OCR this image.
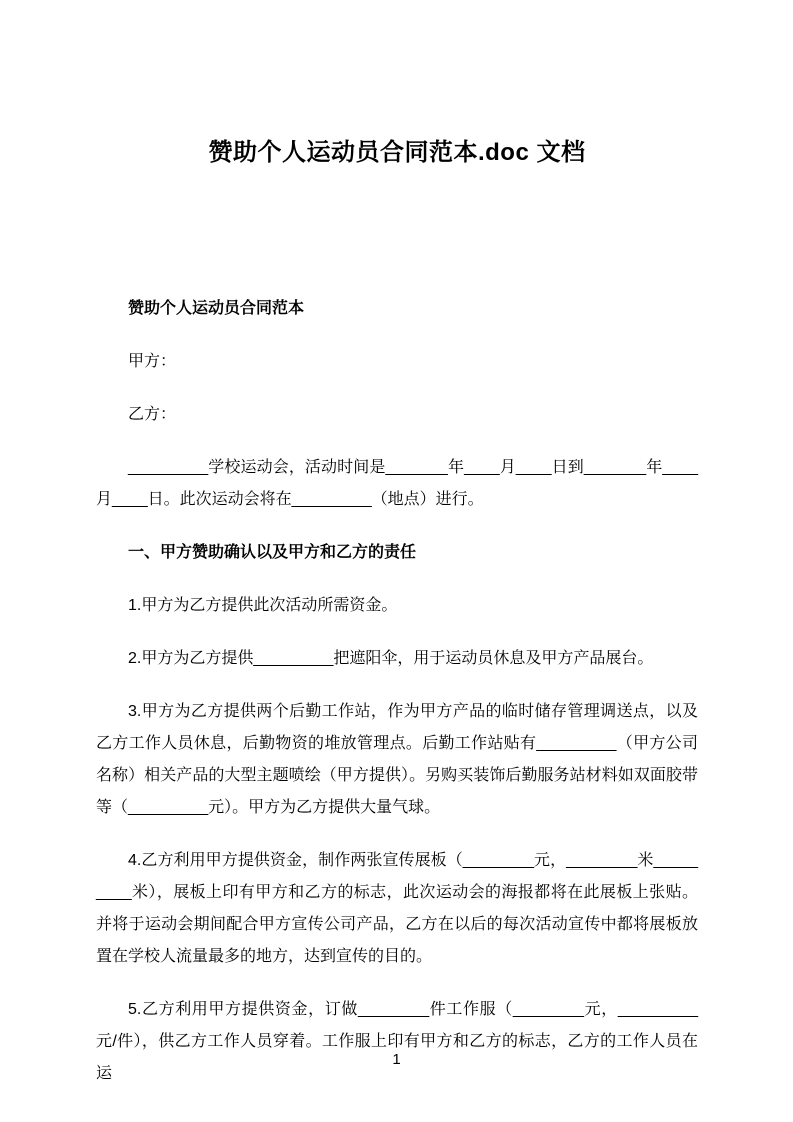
赞助个人运动员合同范本.doc 文档

赞助个人运动员合同范本

甲方：

乙方：

_________学校运动会，活动时间是_______年____月____日到_______年____月____日。此次运动会将在_________（地点）进行。

一、甲方赞助确认以及甲方和乙方的责任

1.甲方为乙方提供此次活动所需资金。

2.甲方为乙方提供_________把遮阳伞，用于运动员休息及甲方产品展台。

3.甲方为乙方提供两个后勤工作站，作为甲方产品的临时储存管理调送点，以及乙方工作人员休息，后勤物资的堆放管理点。后勤工作站贴有_________（甲方公司名称）相关产品的大型主题喷绘（甲方提供）。另购买装饰后勤服务站材料如双面胶带等（_________元）。甲方为乙方提供大量气球。

4.乙方利用甲方提供资金，制作两张宣传展板（________元，________米_________米），展板上印有甲方和乙方的标志，此次运动会的海报都将在此展板上张贴。并将于运动会期间配合甲方宣传公司产品，乙方在以后的每次活动宣传中都将展板放置在学校人流量最多的地方，达到宣传的目的。

5.乙方利用甲方提供资金，订做________件工作服（________元，_________元/件），供乙方工作人员穿着。工作服上印有甲方和乙方的标志，乙方的工作人员在运

1
